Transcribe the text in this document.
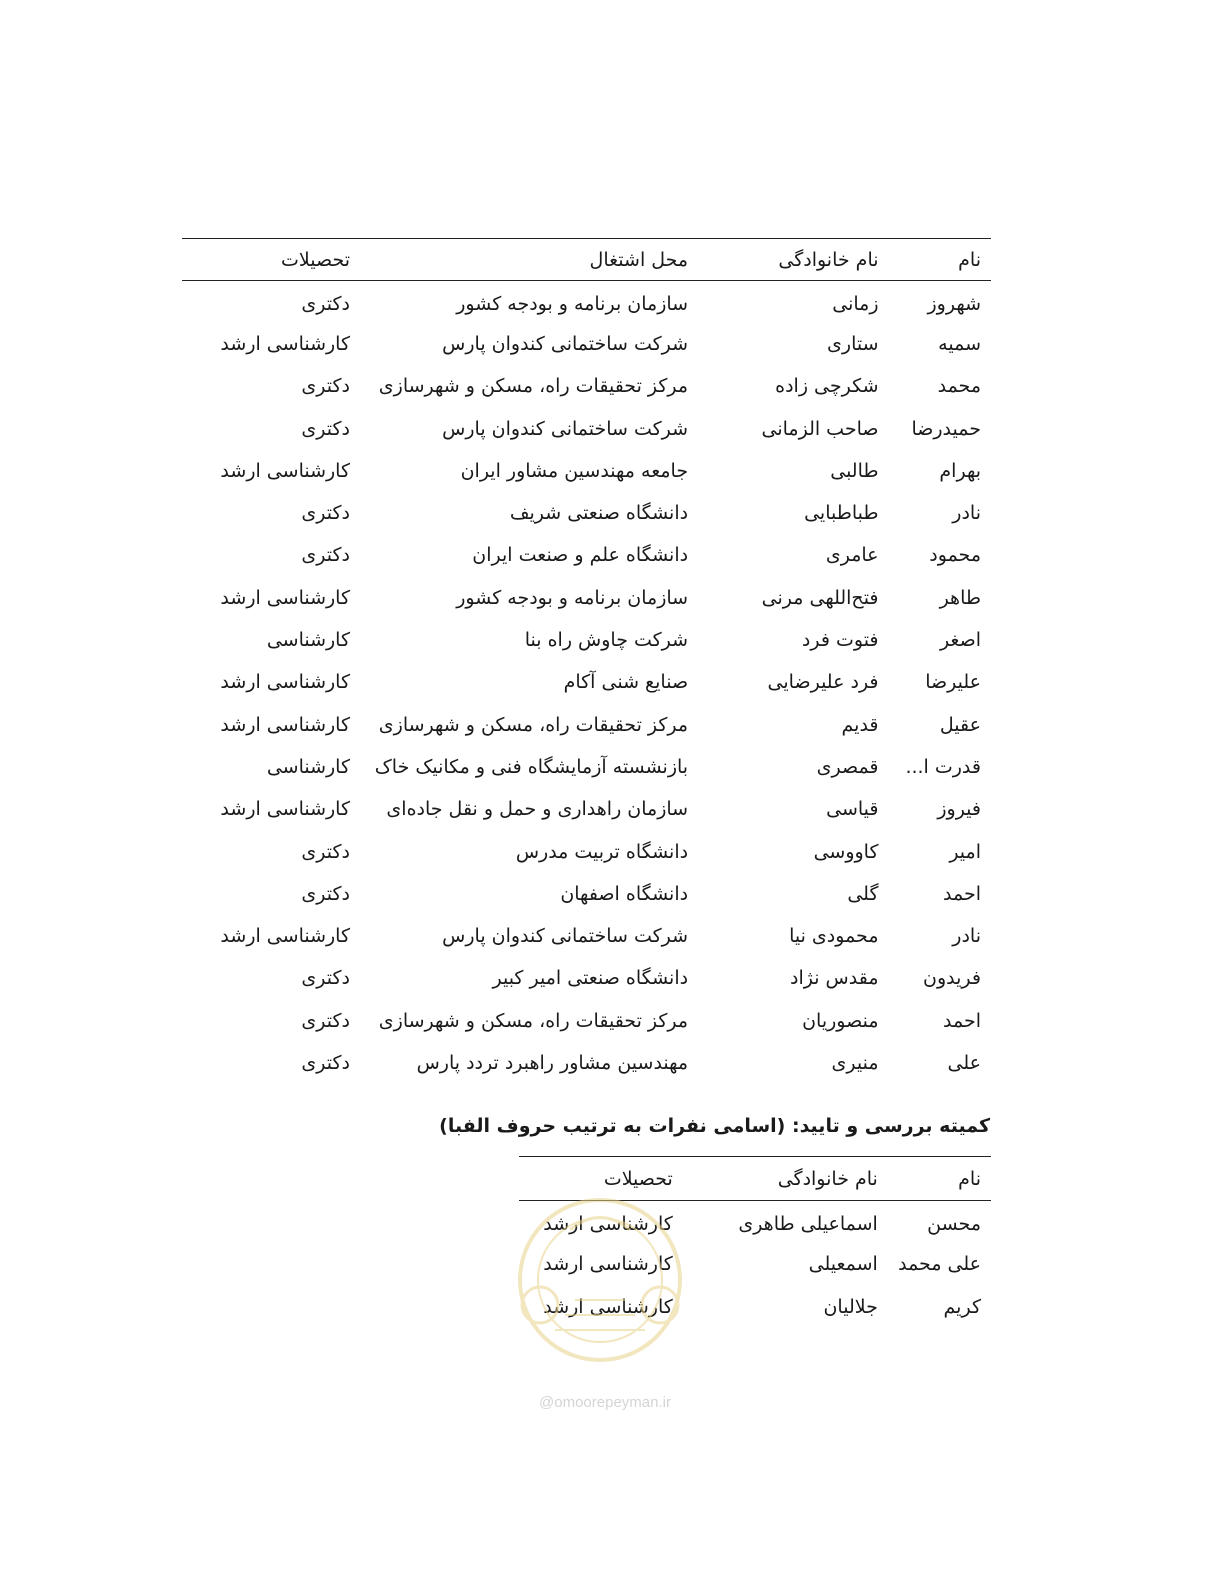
نام	نام خانوادگی	محل اشتغال	تحصیلات
شهروز	زمانی	سازمان برنامه و بودجه کشور	دکتری
سمیه	ستاری	شرکت ساختمانی کندوان پارس	کارشناسی ارشد
محمد	شکرچی زاده	مرکز تحقیقات راه، مسکن و شهرسازی	دکتری
حمیدرضا	صاحب الزمانی	شرکت ساختمانی کندوان پارس	دکتری
بهرام	طالبی	جامعه مهندسین مشاور ایران	کارشناسی ارشد
نادر	طباطبایی	دانشگاه صنعتی شریف	دکتری
محمود	عامری	دانشگاه علم و صنعت ایران	دکتری
طاهر	فتح‌اللهی مرنی	سازمان برنامه و بودجه کشور	کارشناسی ارشد
اصغر	فتوت فرد	شرکت چاوش راه بنا	کارشناسی
علیرضا	فرد علیرضایی	صنایع شنی آکام	کارشناسی ارشد
عقیل	قدیم	مرکز تحقیقات راه، مسکن و شهرسازی	کارشناسی ارشد
قدرت ا...	قمصری	بازنشسته آزمایشگاه فنی و مکانیک خاک	کارشناسی
فیروز	قیاسی	سازمان راهداری و حمل و نقل جاده‌ای	کارشناسی ارشد
امیر	کاووسی	دانشگاه تربیت مدرس	دکتری
احمد	گلی	دانشگاه اصفهان	دکتری
نادر	محمودی نیا	شرکت ساختمانی کندوان پارس	کارشناسی ارشد
فریدون	مقدس نژاد	دانشگاه صنعتی امیر کبیر	دکتری
احمد	منصوریان	مرکز تحقیقات راه، مسکن و شهرسازی	دکتری
علی	منیری	مهندسین مشاور راهبرد تردد پارس	دکتری
کمیته بررسی و تایید: (اسامی نفرات به ترتیب حروف الفبا)
نام	نام خانوادگی	تحصیلات
محسن	اسماعیلی طاهری	کارشناسی ارشد
علی محمد	اسمعیلی	کارشناسی ارشد
کریم	جلالیان	کارشناسی ارشد
@omoorepeyman.ir
